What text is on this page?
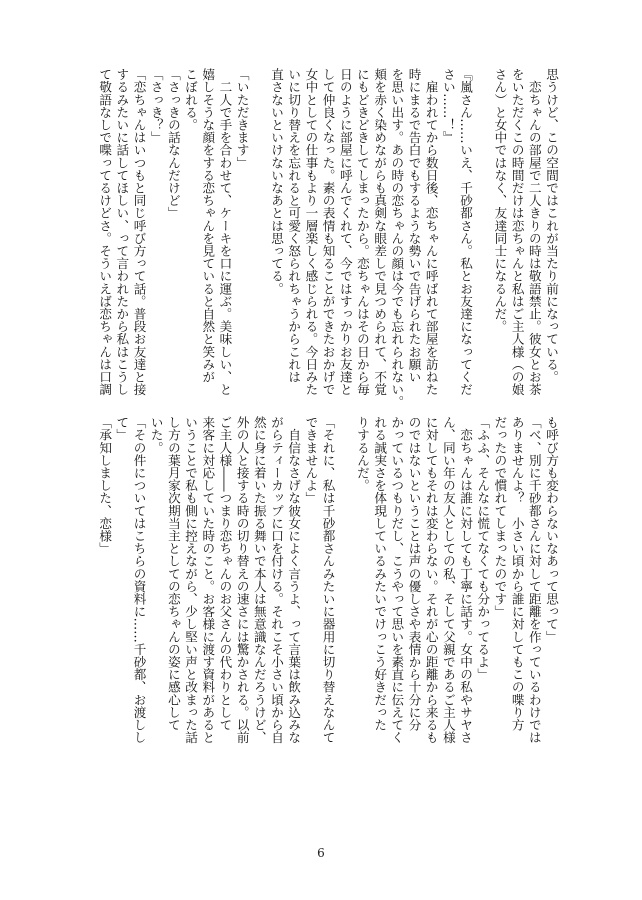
思うけど、この空間ではこれが当たり前になっている。
　恋ちゃんの部屋で二人きりの時は敬語禁止。彼女とお茶
をいただくこの時間だけは恋ちゃんと私はご主人様（の娘
さん）と女中ではなく、友達同士になるんだ。
『嵐さん……いえ、千砂都さん。私とお友達になってくだ
さい……！』
　雇われてから数日後、恋ちゃんに呼ばれて部屋を訪ねた
時にまるで告白でもするような勢いで告げられたお願い
を思い出す。あの時の恋ちゃんの顔は今でも忘れられない。
頬を赤く染めながらも真剣な眼差しで見つめられて、不覚
にもどきどきしてしまったから。恋ちゃんはその日から毎
日のように部屋に呼んでくれて、今ではすっかりお友達と
して仲良くなった。素の表情も知ることができたおかげで
女中としての仕事もより一層楽しく感じられる。今日みた
いに切り替えを忘れると可愛く怒られちゃうからこれは
直さないといけないなあとは思ってる。
「いただきます」
　二人で手を合わせて、ケーキを口に運ぶ。美味しい、と
嬉しそうな顔をする恋ちゃんを見ていると自然と笑みが
こぼれる。
「さっきの話なんだけど」
「さっき？」
「恋ちゃんはいつもと同じ呼び方って話。普段お友達と接
するみたいに話してほしい、って言われたから私はこうし
て敬語なしで喋ってるけどさ。そういえば恋ちゃんは口調
も呼び方も変わらないなあって思って」
「べ、別に千砂都さんに対して距離を作っているわけでは
ありませんよ？　小さい頃から誰に対してもこの喋り方
だったので慣れてしまったのです」
「ふふ、そんなに慌てなくても分かってるよ」
　恋ちゃんは誰に対しても丁寧に話す。女中の私やサヤさ
ん、同い年の友人としての私、そして父親であるご主人様
に対してもそれは変わらない。それが心の距離から来るも
のではないということは声の優しさや表情から十分に分
かっているつもりだし、こうやって思いを素直に伝えてく
れる誠実さを体現しているみたいでけっこう好きだった
りするんだ。
「それに、私は千砂都さんみたいに器用に切り替えなんて
できませんよ」
　自信なさげな彼女によく言うよ、って言葉は飲み込みな
がらティーカップに口を付ける。それこそ小さい頃から自
然に身に着いた振る舞いで本人は無意識なんだろうけど、
外の人と接する時の切り替えの速さには驚かされる。以前
ご主人様――つまり恋ちゃんのお父さんの代わりとして
来客に対応していた時のこと。お客様に渡す資料があると
いうことで私も側に控えながら、少し堅い声と改まった話
し方の葉月家次期当主としての恋ちゃんの姿に感心して
いた。
「その件についてはこちらの資料に……千砂都、お渡しし
て」
「承知しました、恋様」
6
